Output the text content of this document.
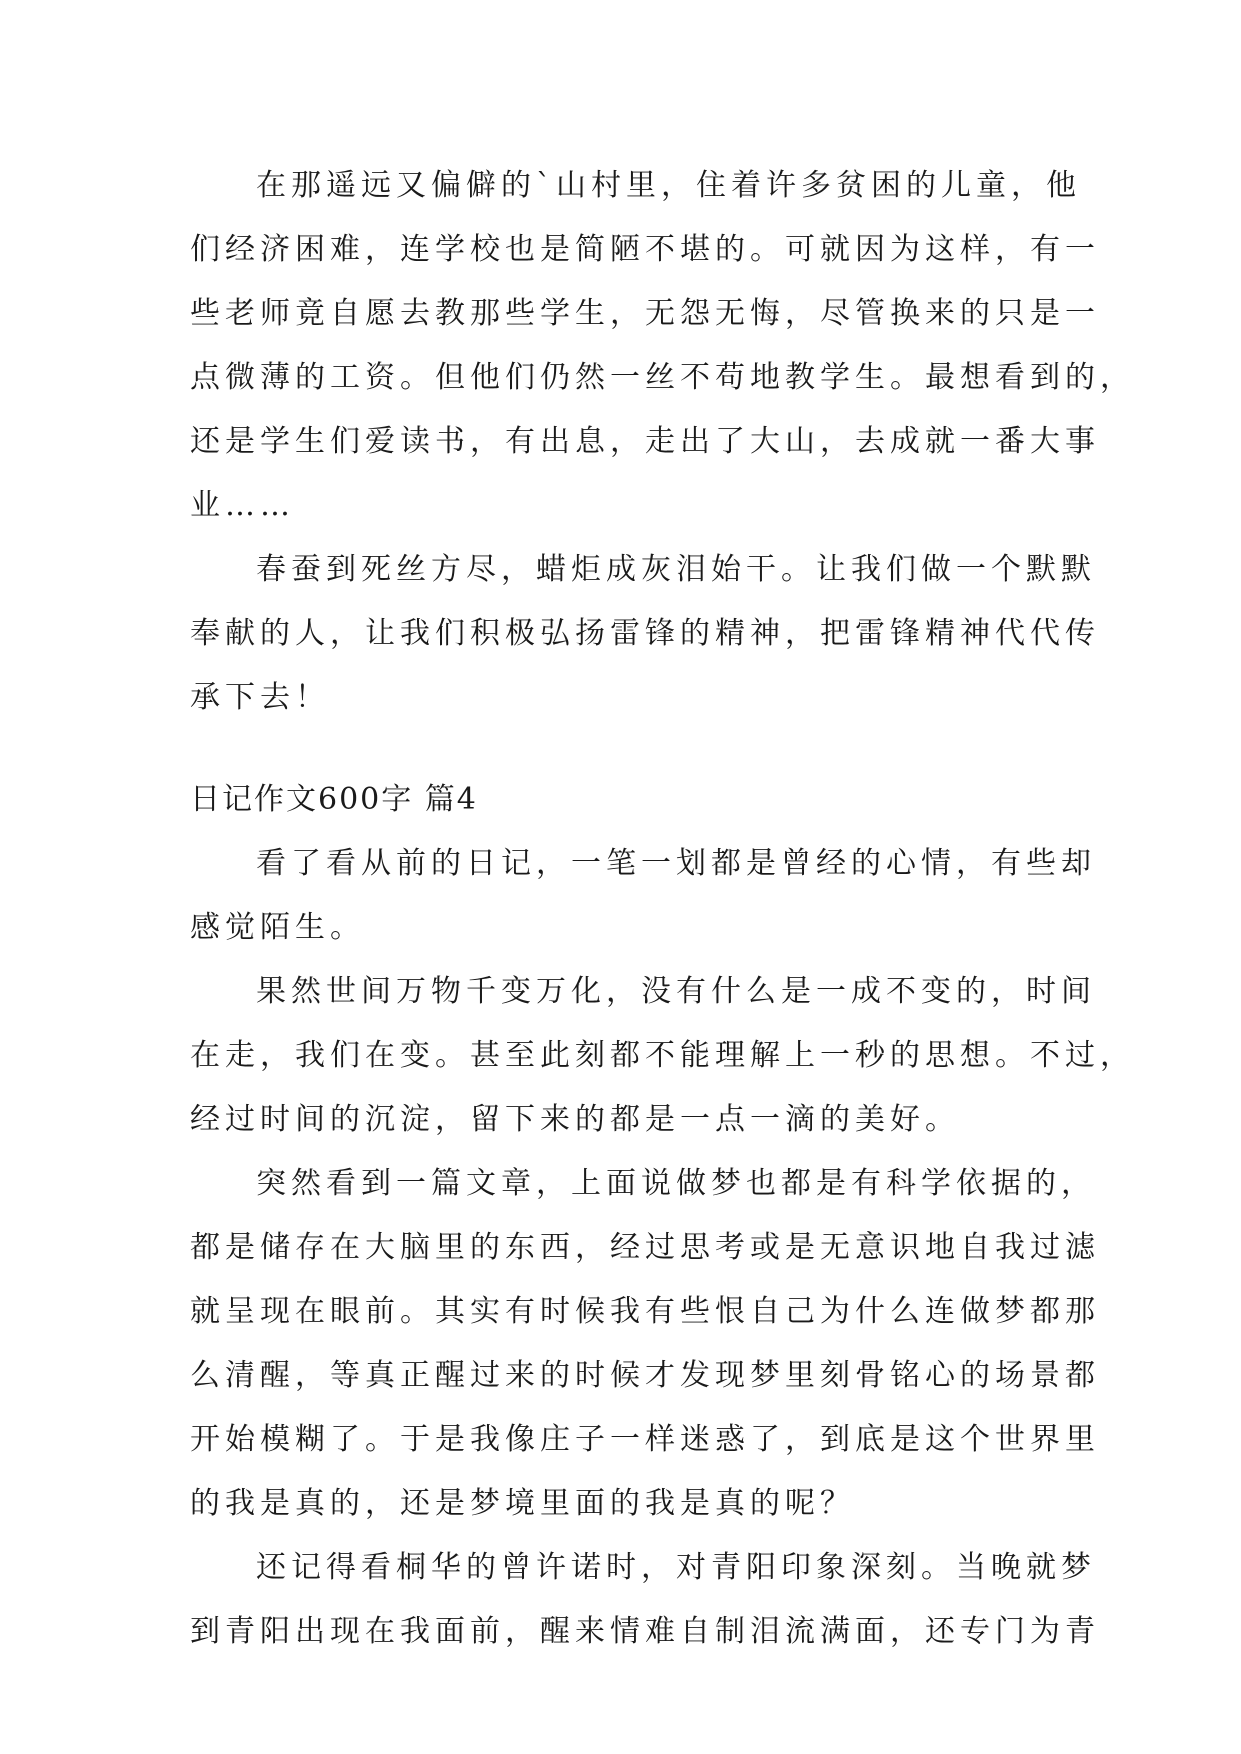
在那遥远又偏僻的`山村里，住着许多贫困的儿童，他
们经济困难，连学校也是简陋不堪的。可就因为这样，有一
些老师竟自愿去教那些学生，无怨无悔，尽管换来的只是一
点微薄的工资。但他们仍然一丝不苟地教学生。最想看到的，
还是学生们爱读书，有出息，走出了大山，去成就一番大事
业……
春蚕到死丝方尽，蜡炬成灰泪始干。让我们做一个默默
奉献的人，让我们积极弘扬雷锋的精神，把雷锋精神代代传
承下去！
日记作文600字 篇4
看了看从前的日记，一笔一划都是曾经的心情，有些却
感觉陌生。
果然世间万物千变万化，没有什么是一成不变的，时间
在走，我们在变。甚至此刻都不能理解上一秒的思想。不过，
经过时间的沉淀，留下来的都是一点一滴的美好。
突然看到一篇文章，上面说做梦也都是有科学依据的，
都是储存在大脑里的东西，经过思考或是无意识地自我过滤
就呈现在眼前。其实有时候我有些恨自己为什么连做梦都那
么清醒，等真正醒过来的时候才发现梦里刻骨铭心的场景都
开始模糊了。于是我像庄子一样迷惑了，到底是这个世界里
的我是真的，还是梦境里面的我是真的呢？
还记得看桐华的曾许诺时，对青阳印象深刻。当晚就梦
到青阳出现在我面前，醒来情难自制泪流满面，还专门为青
